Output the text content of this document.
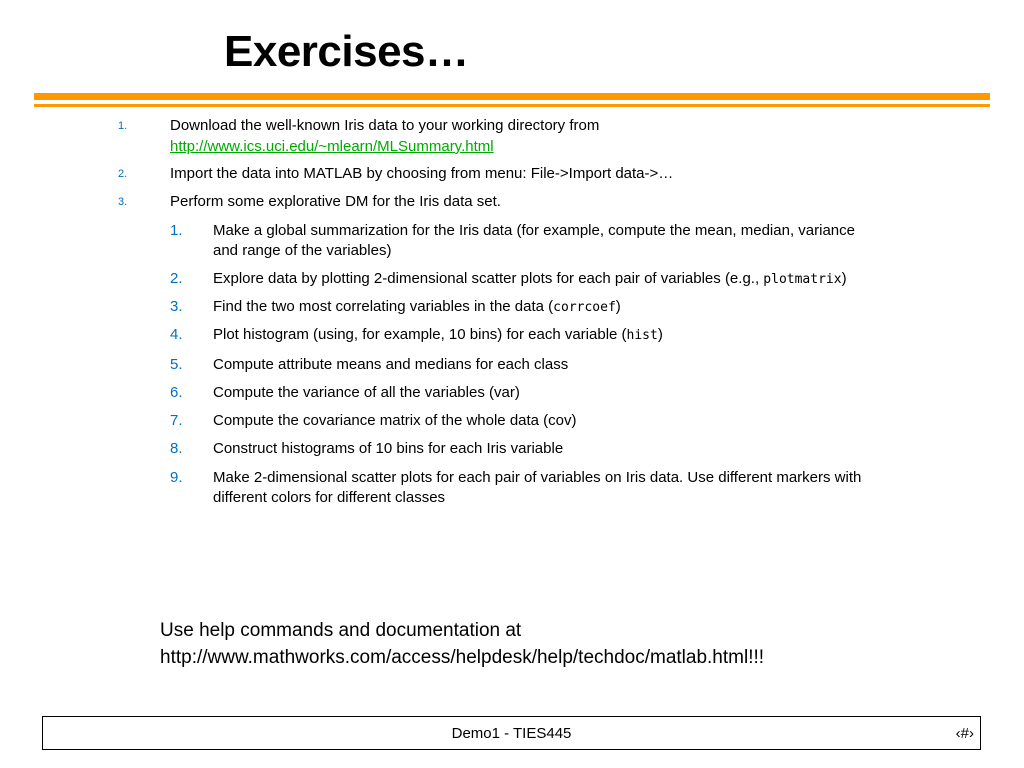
Exercises…
1.	Download the well-known Iris data to your working directory from
http://www.ics.uci.edu/~mlearn/MLSummary.html
2.	Import the data into MATLAB by choosing from menu: File->Import data->…
3.	Perform some explorative DM for the Iris data set.
1. Make a global summarization for the Iris data (for example, compute the mean, median, variance
and range of the variables)
2. Explore data by plotting 2-dimensional scatter plots for each pair of variables (e.g., plotmatrix)
3. Find the two most correlating variables in the data (corrcoef)
4. Plot histogram (using, for example, 10 bins) for each variable (hist)
5. Compute attribute means and medians for each class
6. Compute the variance of all the variables (var)
7. Compute the covariance matrix of the whole data (cov)
8. Construct histograms of 10 bins for each Iris variable
9. Make 2-dimensional scatter plots for each pair of variables on Iris data. Use different markers with
different colors for different classes
Use help commands and documentation at
http://www.mathworks.com/access/helpdesk/help/techdoc/matlab.html!!!
Demo1 - TIES445	‹#›
